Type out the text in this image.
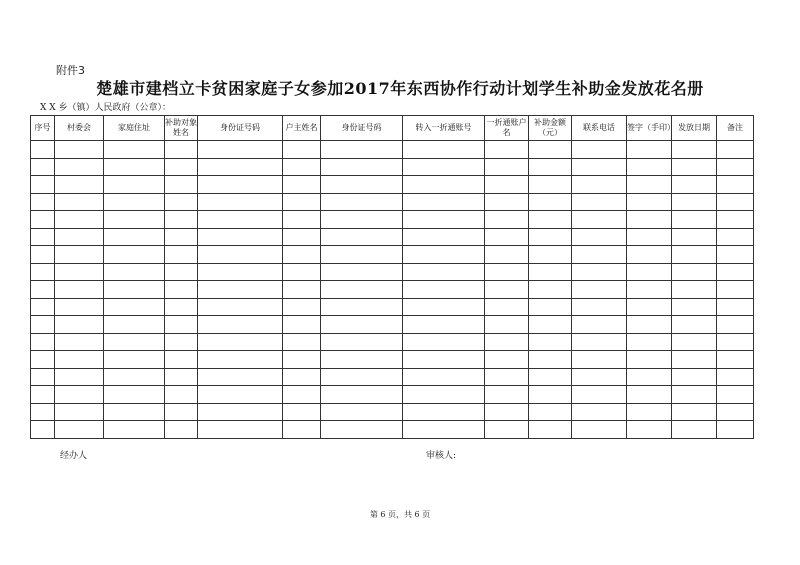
附件3
楚雄市建档立卡贫困家庭子女参加2017年东西协作行动计划学生补助金发放花名册
X X 乡（镇）人民政府（公章）：
序号	村委会	家庭住址	补助对象姓名	身份证号码	户主姓名	身份证号码	转入一折通账号	一折通账户名	补助金额（元）	联系电话	签字（手印）	发放日期	备注

经办人	审核人:
第 6 页，共 6 页
